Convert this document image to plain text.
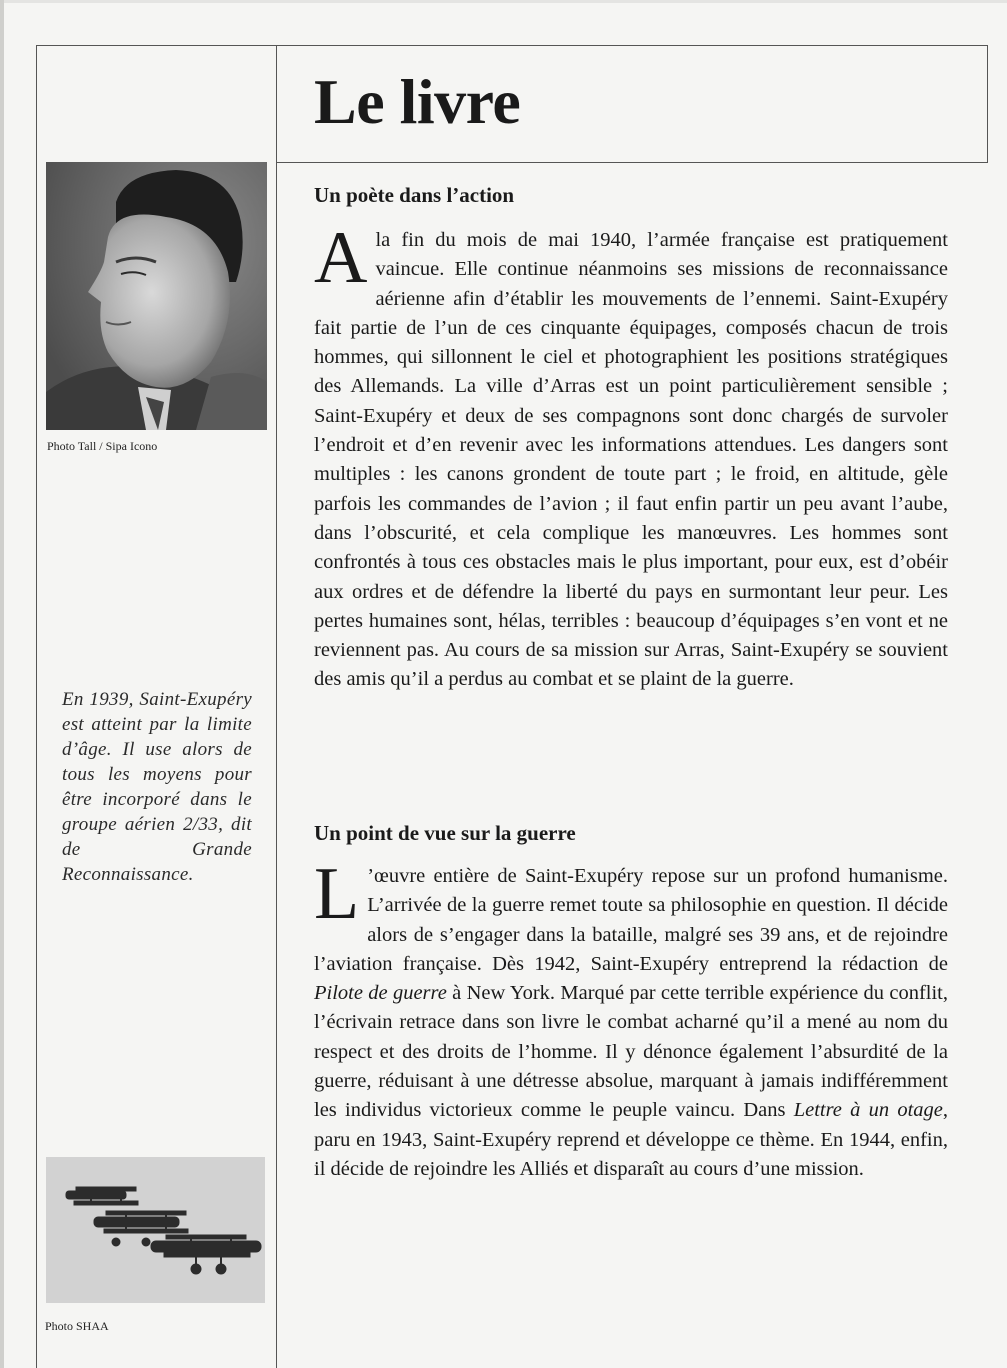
Le livre
Photo Tall / Sipa Icono

En 1939, Saint-Exupéry est atteint par la limite d’âge. Il use alors de tous les moyens pour être incorporé dans le groupe aérien 2/33, dit de Grande Reconnaissance.

Photo SHAA
Un poète dans l’action

Ala fin du mois de mai 1940, l’armée française est pratiquement vaincue. Elle continue néanmoins ses missions de reconnaissance aérienne afin d’établir les mouvements de l’ennemi. Saint-Exupéry fait partie de l’un de ces cinquante équipages, composés chacun de trois hommes, qui sillonnent le ciel et photographient les positions stratégiques des Allemands. La ville d’Arras est un point particulièrement sensible ; Saint-Exupéry et deux de ses compagnons sont donc chargés de survoler l’endroit et d’en revenir avec les informations attendues. Les dangers sont multiples : les canons grondent de toute part ; le froid, en altitude, gèle parfois les commandes de l’avion ; il faut enfin partir un peu avant l’aube, dans l’obscurité, et cela complique les manœuvres. Les hommes sont confrontés à tous ces obstacles mais le plus important, pour eux, est d’obéir aux ordres et de défendre la liberté du pays en surmontant leur peur. Les pertes humaines sont, hélas, terribles : beaucoup d’équipages s’en vont et ne reviennent pas. Au cours de sa mission sur Arras, Saint-Exupéry se souvient des amis qu’il a perdus au combat et se plaint de la guerre.

Un point de vue sur la guerre

L ’œuvre entière de Saint-Exupéry repose sur un profond humanisme. L’arrivée de la guerre remet toute sa philosophie en question. Il décide alors de s’engager dans la bataille, malgré ses 39 ans, et de rejoindre l’aviation française. Dès 1942, Saint-Exupéry entreprend la rédaction de Pilote de guerre à New York. Marqué par cette terrible expérience du conflit, l’écrivain retrace dans son livre le combat acharné qu’il a mené au nom du respect et des droits de l’homme. Il y dénonce également l’absurdité de la guerre, réduisant à une détresse absolue, marquant à jamais indifféremment les individus victorieux comme le peuple vaincu. Dans Lettre à un otage, paru en 1943, Saint-Exupéry reprend et développe ce thème. En 1944, enfin, il décide de rejoindre les Alliés et disparaît au cours d’une mission.
